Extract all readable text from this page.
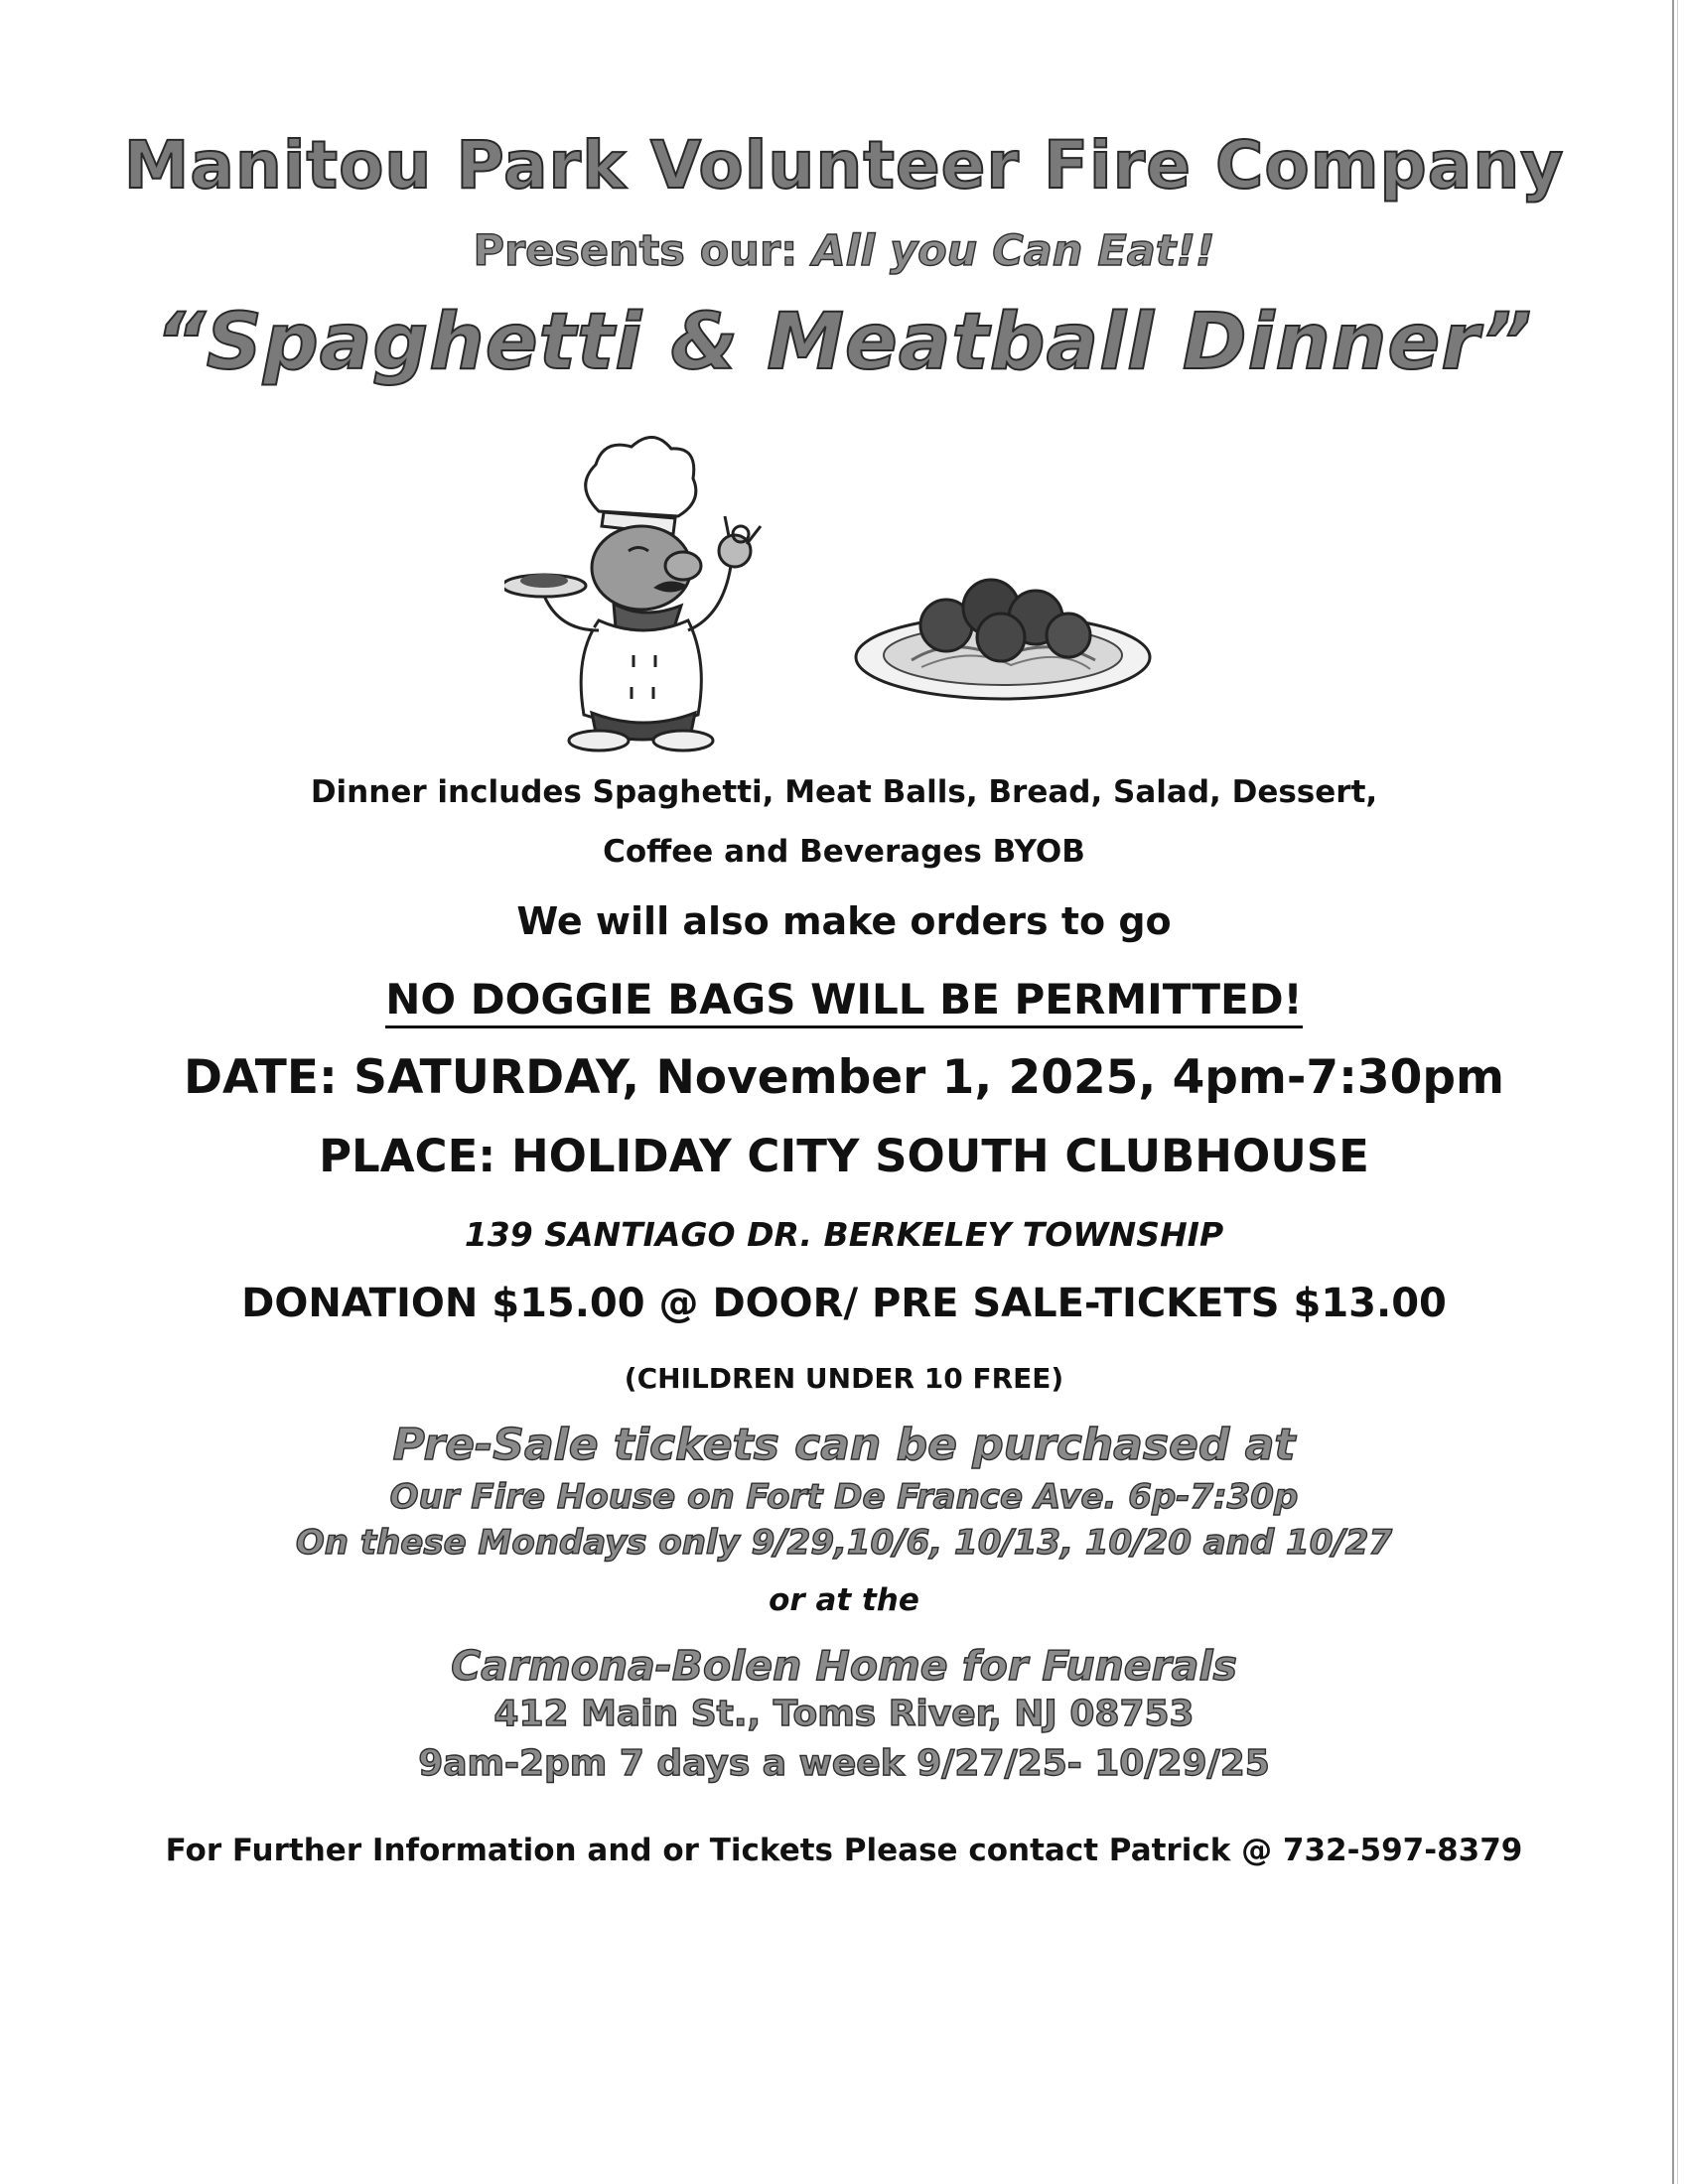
Manitou Park Volunteer Fire Company
Presents our: All you Can Eat!!
“Spaghetti & Meatball Dinner”
Dinner includes Spaghetti, Meat Balls, Bread, Salad, Dessert,
Coffee and Beverages BYOB
We will also make orders to go
NO DOGGIE BAGS WILL BE PERMITTED!
DATE: SATURDAY, November 1, 2025, 4pm-7:30pm
PLACE: HOLIDAY CITY SOUTH CLUBHOUSE
139 SANTIAGO DR. BERKELEY TOWNSHIP
DONATION $15.00 @ DOOR/ PRE SALE-TICKETS $13.00
(CHILDREN UNDER 10 FREE)
Pre-Sale tickets can be purchased at
Our Fire House on Fort De France Ave. 6p-7:30p
On these Mondays only 9/29,10/6, 10/13, 10/20 and 10/27
or at the
Carmona-Bolen Home for Funerals
412 Main St., Toms River, NJ 08753
9am-2pm 7 days a week 9/27/25- 10/29/25
For Further Information and or Tickets Please contact Patrick @ 732-597-8379
